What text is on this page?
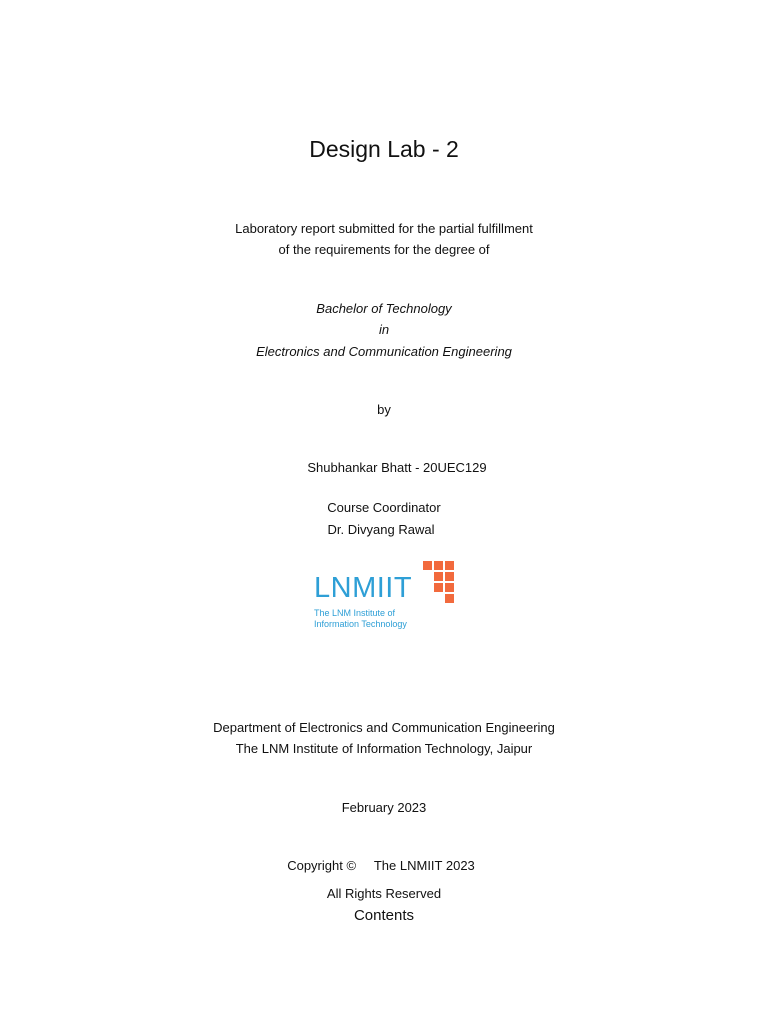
Design Lab - 2
Laboratory report submitted for the partial fulfillment
of the requirements for the degree of
Bachelor of Technology
in
Electronics and Communication Engineering
by
Shubhankar Bhatt - 20UEC129
Course Coordinator
Dr. Divyang Rawal
LNMIIT
The LNM Institute of
Information Technology
Department of Electronics and Communication Engineering
The LNM Institute of Information Technology, Jaipur
February 2023
Copyright ©     The LNMIIT 2023
All Rights Reserved
Contents
